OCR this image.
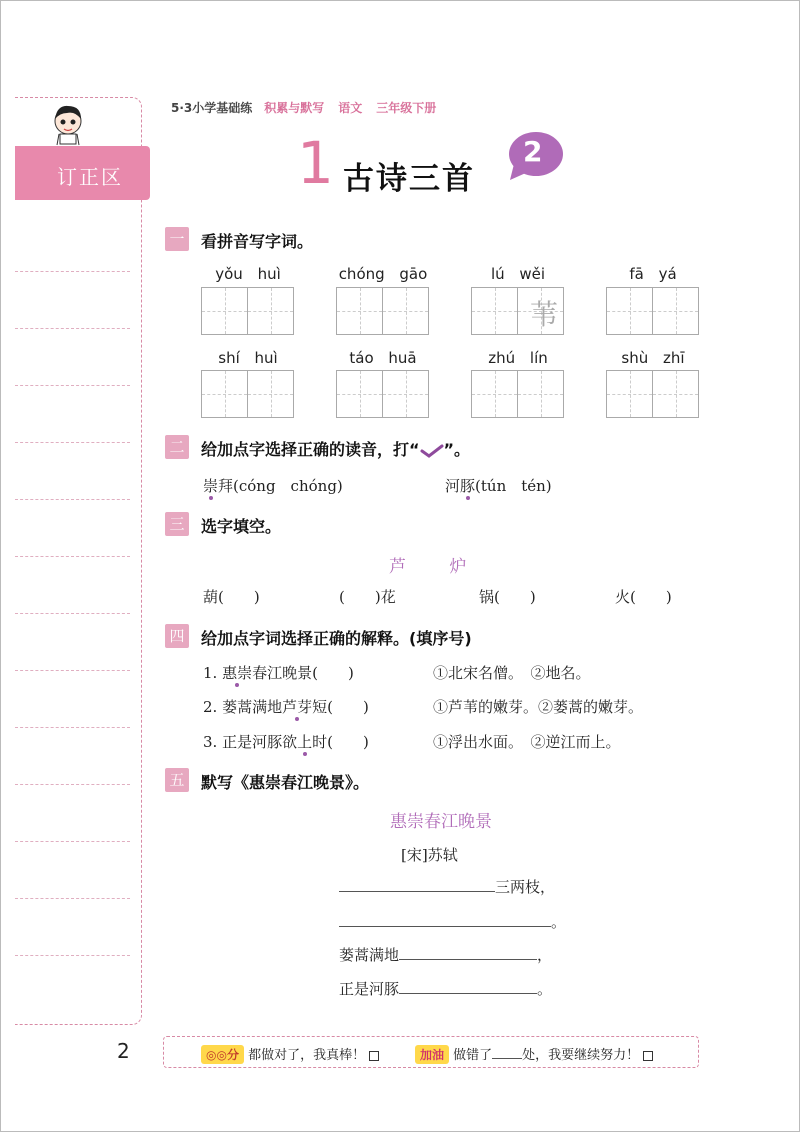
订正区
5·3小学基础练 积累与默写 语文 三年级下册
1 古诗三首
2
一 看拼音写字词。
yǒu huì	chóng gāo	lú wěi	fā yá
苇
shí huì	táo huā	zhú lín	shù zhī
二 给加点字选择正确的读音，打“ ”。
崇拜(cóng　chóng)	河豚(tún　tén)
三 选字填空。
芦 炉
葫(　　)	(　　)花	锅(　　)	火(　　)
四 给加点字词选择正确的解释。(填序号)
1. 惠崇春江晚景(　　)	①北宋名僧。　②地名。
2. 蒌蒿满地芦芽短(　　)	①芦苇的嫩芽。②蒌蒿的嫩芽。
3. 正是河豚欲上时(　　)	①浮出水面。　②逆江而上。
五 默写《惠崇春江晚景》。
惠崇春江晚景
[宋]苏轼
三两枝，
。
蒌蒿满地	，
正是河豚	。
2	◎◎分 都做对了，我真棒！	加油 做错了 处，我要继续努力！
